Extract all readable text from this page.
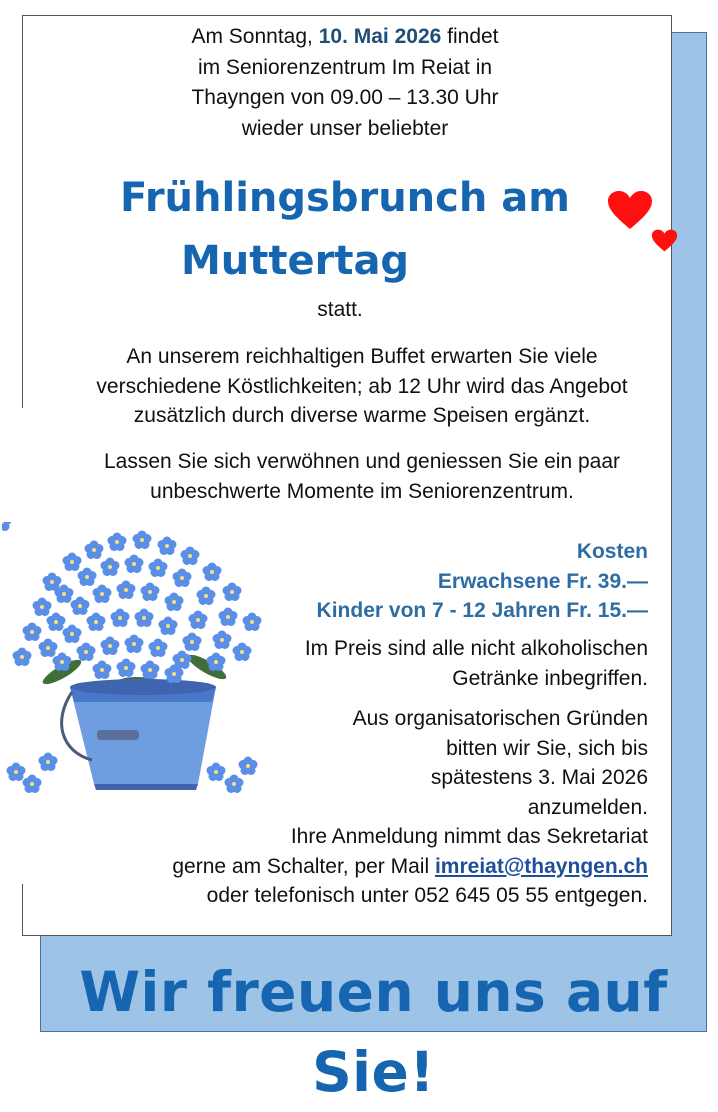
Am Sonntag, 10. Mai 2026 findet
im Seniorenzentrum Im Reiat in
Thayngen von 09.00 – 13.30 Uhr
wieder unser beliebter
Frühlingsbrunch am
Muttertag
statt.
An unserem reichhaltigen Buffet erwarten Sie viele
verschiedene Köstlichkeiten; ab 12 Uhr wird das Angebot
zusätzlich durch diverse warme Speisen ergänzt.
Lassen Sie sich verwöhnen und geniessen Sie ein paar
unbeschwerte Momente im Seniorenzentrum.
Kosten
Erwachsene Fr. 39.—
Kinder von 7 - 12 Jahren Fr. 15.—
Im Preis sind alle nicht alkoholischen
Getränke inbegriffen.
Aus organisatorischen Gründen
bitten wir Sie, sich bis
spätestens 3. Mai 2026
anzumelden.
Ihre Anmeldung nimmt das Sekretariat
gerne am Schalter, per Mail imreiat@thayngen.ch
oder telefonisch unter 052 645 05 55 entgegen.
Wir freuen uns auf Sie!
